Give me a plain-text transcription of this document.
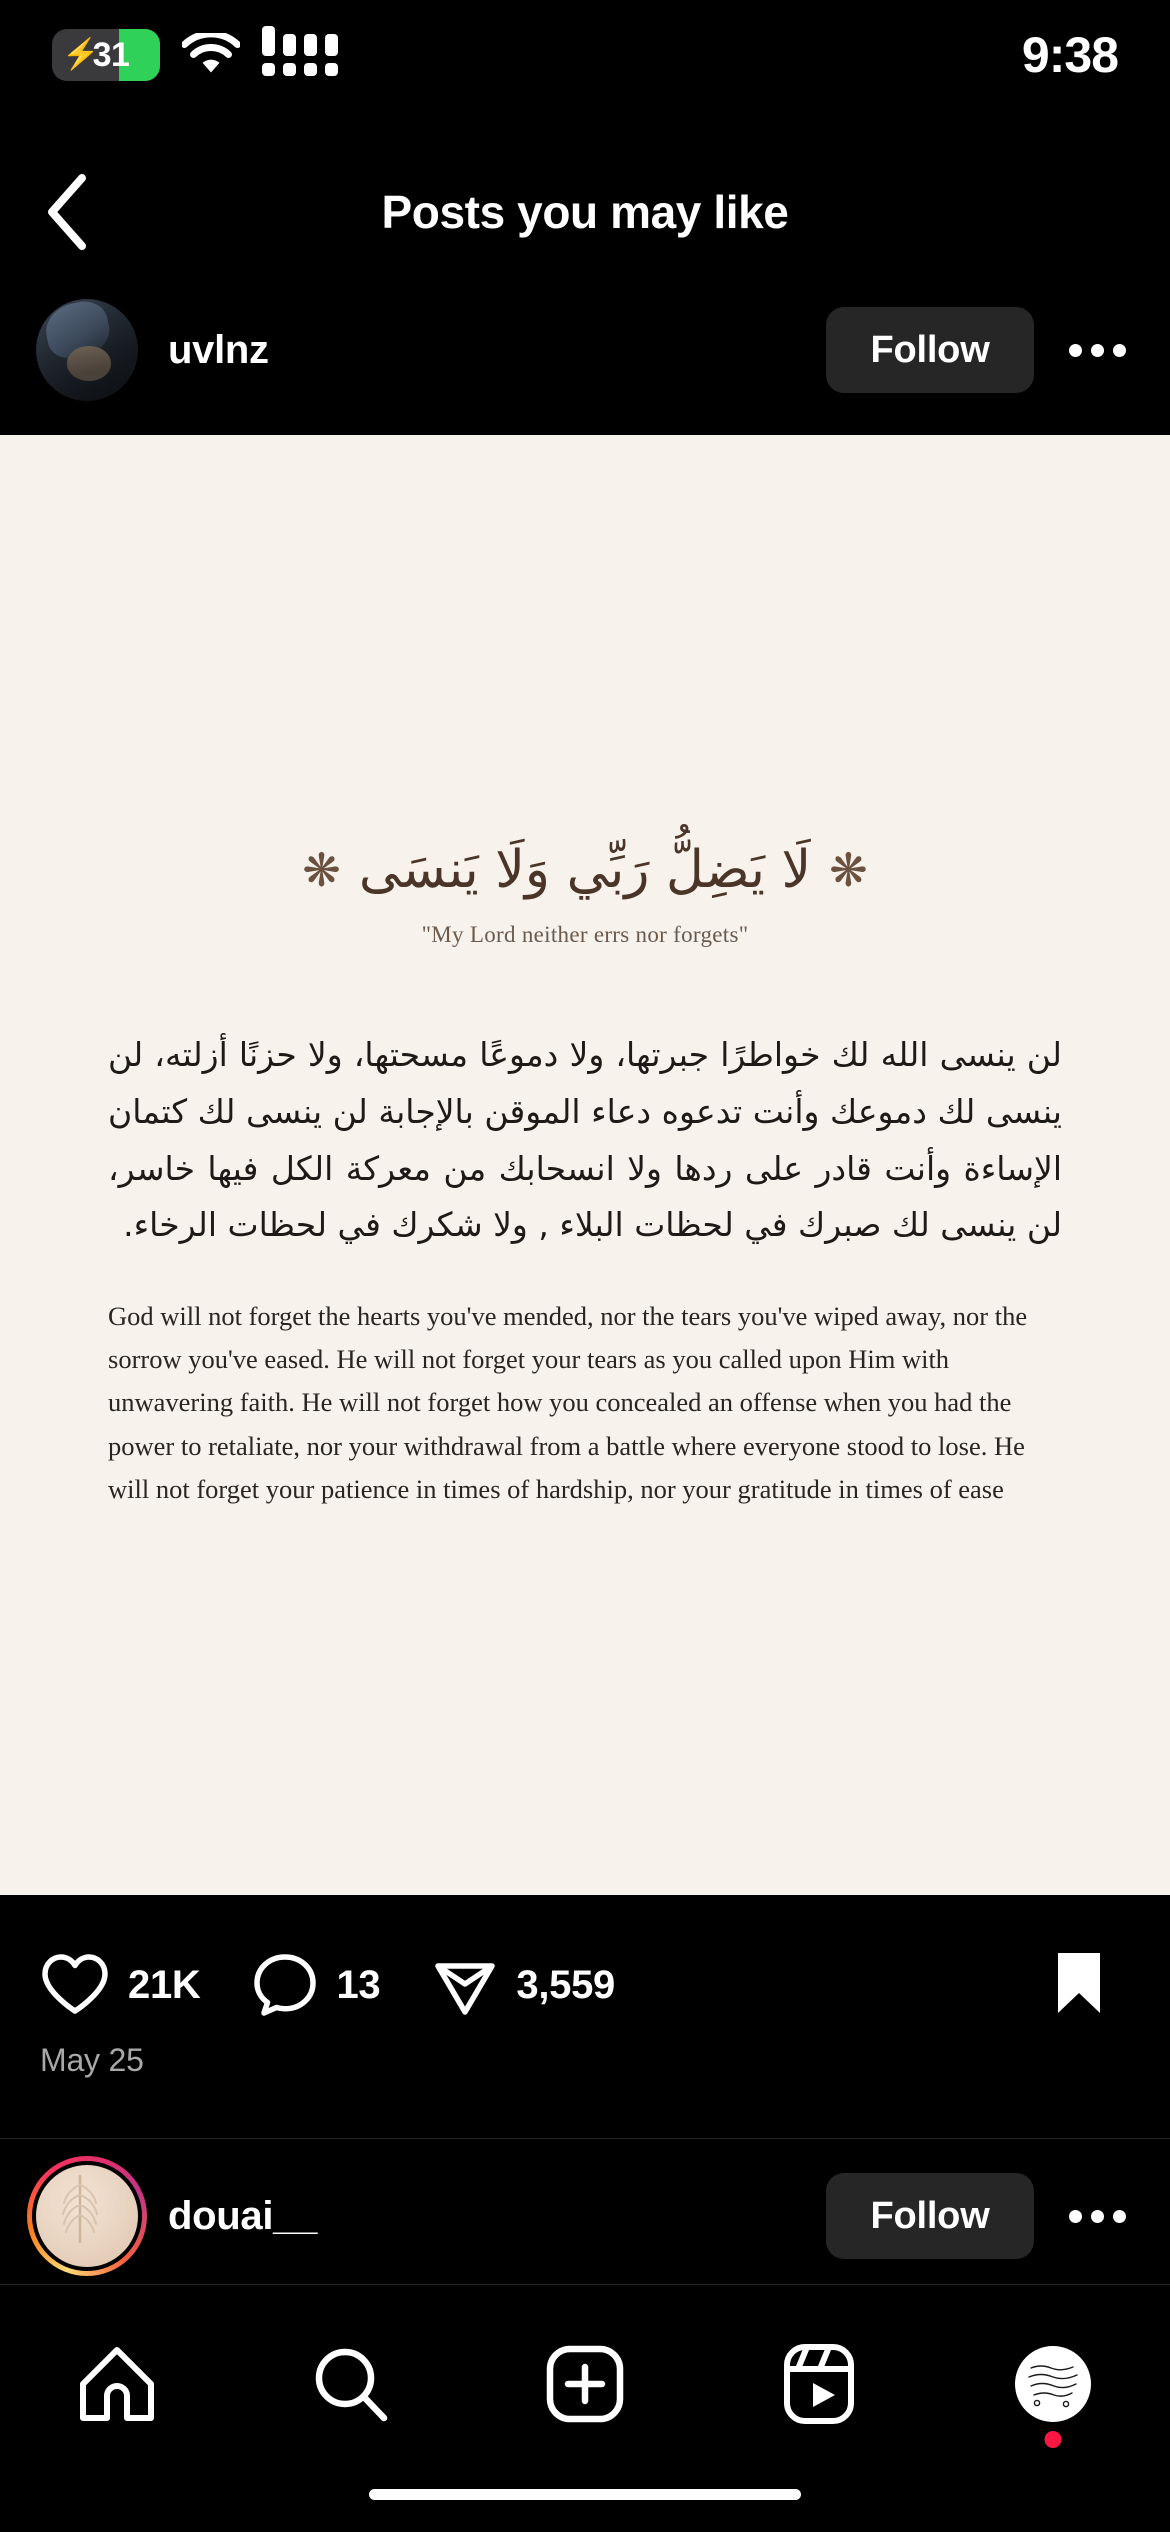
⚡
31	9:38
Posts you may like
uvlnz	Follow
❋
لَا يَضِلُّ رَبِّي وَلَا يَنسَى
❋
"My Lord neither errs nor forgets"
لن ينسى الله لك خواطرًا جبرتها، ولا دموعًا مسحتها، ولا حزنًا أزلته، لن ينسى لك دموعك وأنت تدعوه دعاء الموقن بالإجابة لن ينسى لك كتمان الإساءة وأنت قادر على ردها ولا انسحابك من معركة الكل فيها خاسر، لن ينسى لك صبرك في لحظات البلاء , ولا شكرك في لحظات الرخاء.
God will not forget the hearts you've mended, nor the tears you've wiped away, nor the sorrow you've eased. He will not forget your tears as you called upon Him with unwavering faith. He will not forget how you concealed an offense when you had the power to retaliate, nor your withdrawal from a battle where everyone stood to lose. He will not forget your patience in times of hardship, nor your gratitude in times of ease
21K	13	3,559
May 25
douai__	Follow
